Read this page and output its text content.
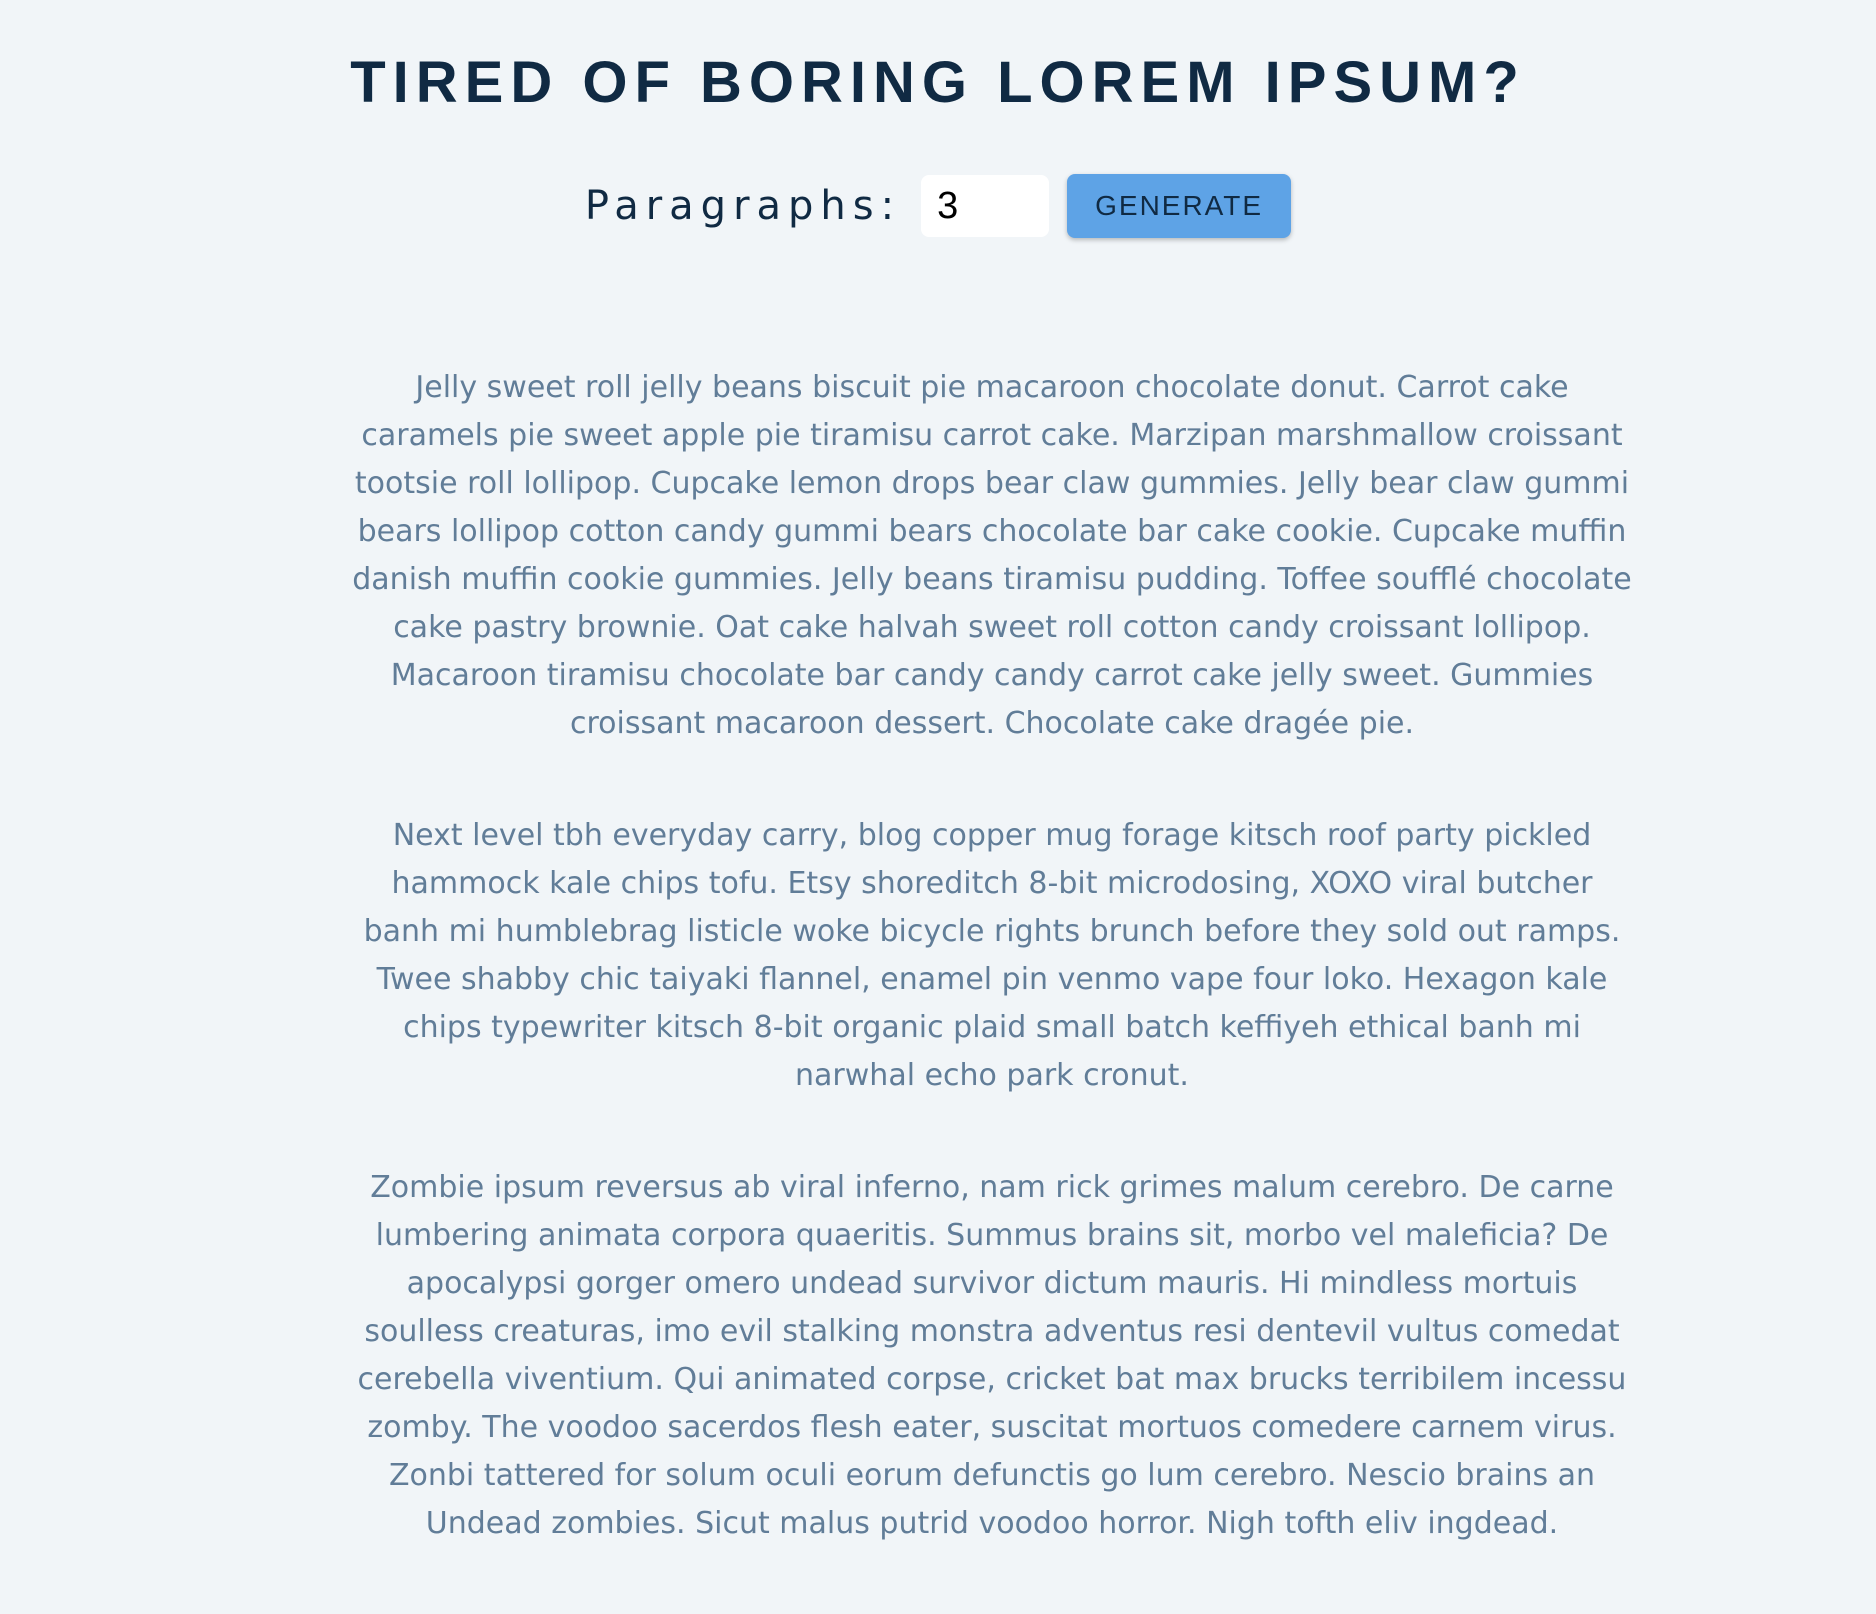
TIRED OF BORING LOREM IPSUM?
Paragraphs:
3	GENERATE

Jelly sweet roll jelly beans biscuit pie macaroon chocolate donut. Carrot cake caramels pie sweet apple pie tiramisu carrot cake. Marzipan marshmallow croissant tootsie roll lollipop. Cupcake lemon drops bear claw gummies. Jelly bear claw gummi bears lollipop cotton candy gummi bears chocolate bar cake cookie. Cupcake muffin danish muffin cookie gummies. Jelly beans tiramisu pudding. Toffee soufflé chocolate cake pastry brownie. Oat cake halvah sweet roll cotton candy croissant lollipop. Macaroon tiramisu chocolate bar candy candy carrot cake jelly sweet. Gummies croissant macaroon dessert. Chocolate cake dragée pie.

Next level tbh everyday carry, blog copper mug forage kitsch roof party pickled hammock kale chips tofu. Etsy shoreditch 8-bit microdosing, XOXO viral butcher banh mi humblebrag listicle woke bicycle rights brunch before they sold out ramps. Twee shabby chic taiyaki flannel, enamel pin venmo vape four loko. Hexagon kale chips typewriter kitsch 8-bit organic plaid small batch keffiyeh ethical banh mi narwhal echo park cronut.

Zombie ipsum reversus ab viral inferno, nam rick grimes malum cerebro. De carne lumbering animata corpora quaeritis. Summus brains sit, morbo vel maleficia? De apocalypsi gorger omero undead survivor dictum mauris. Hi mindless mortuis soulless creaturas, imo evil stalking monstra adventus resi dentevil vultus comedat cerebella viventium. Qui animated corpse, cricket bat max brucks terribilem incessu zomby. The voodoo sacerdos flesh eater, suscitat mortuos comedere carnem virus. Zonbi tattered for solum oculi eorum defunctis go lum cerebro. Nescio brains an Undead zombies. Sicut malus putrid voodoo horror. Nigh tofth eliv ingdead.
